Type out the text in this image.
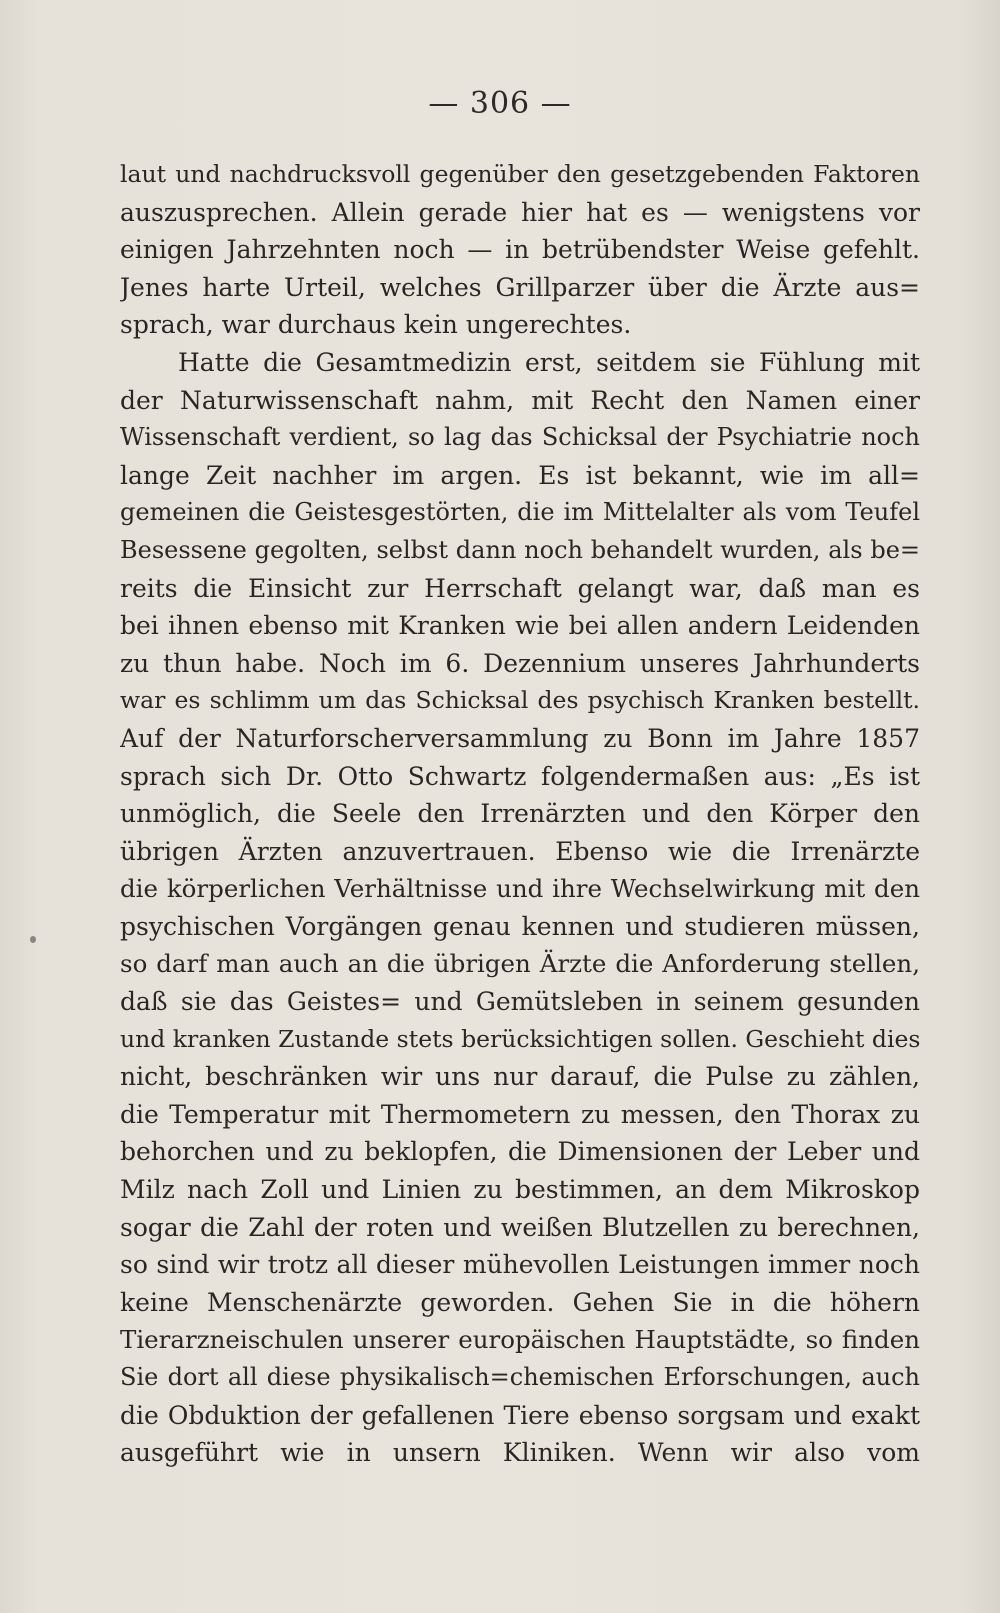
— 306 —
laut und nachdrucksvoll gegenüber den gesetzgebenden Faktoren
auszusprechen. Allein gerade hier hat es — wenigstens vor
einigen Jahrzehnten noch — in betrübendster Weise gefehlt.
Jenes harte Urteil, welches Grillparzer über die Ärzte aus=
sprach, war durchaus kein ungerechtes.
Hatte die Gesamtmedizin erst, seitdem sie Fühlung mit
der Naturwissenschaft nahm, mit Recht den Namen einer
Wissenschaft verdient, so lag das Schicksal der Psychiatrie noch
lange Zeit nachher im argen. Es ist bekannt, wie im all=
gemeinen die Geistesgestörten, die im Mittelalter als vom Teufel
Besessene gegolten, selbst dann noch behandelt wurden, als be=
reits die Einsicht zur Herrschaft gelangt war, daß man es
bei ihnen ebenso mit Kranken wie bei allen andern Leidenden
zu thun habe. Noch im 6. Dezennium unseres Jahrhunderts
war es schlimm um das Schicksal des psychisch Kranken bestellt.
Auf der Naturforscherversammlung zu Bonn im Jahre 1857
sprach sich Dr. Otto Schwartz folgendermaßen aus: „Es ist
unmöglich, die Seele den Irrenärzten und den Körper den
übrigen Ärzten anzuvertrauen. Ebenso wie die Irrenärzte
die körperlichen Verhältnisse und ihre Wechselwirkung mit den
psychischen Vorgängen genau kennen und studieren müssen,
so darf man auch an die übrigen Ärzte die Anforderung stellen,
daß sie das Geistes= und Gemütsleben in seinem gesunden
und kranken Zustande stets berücksichtigen sollen. Geschieht dies
nicht, beschränken wir uns nur darauf, die Pulse zu zählen,
die Temperatur mit Thermometern zu messen, den Thorax zu
behorchen und zu beklopfen, die Dimensionen der Leber und
Milz nach Zoll und Linien zu bestimmen, an dem Mikroskop
sogar die Zahl der roten und weißen Blutzellen zu berechnen,
so sind wir trotz all dieser mühevollen Leistungen immer noch
keine Menschenärzte geworden. Gehen Sie in die höhern
Tierarzneischulen unserer europäischen Hauptstädte, so finden
Sie dort all diese physikalisch=chemischen Erforschungen, auch
die Obduktion der gefallenen Tiere ebenso sorgsam und exakt
ausgeführt wie in unsern Kliniken. Wenn wir also vom
